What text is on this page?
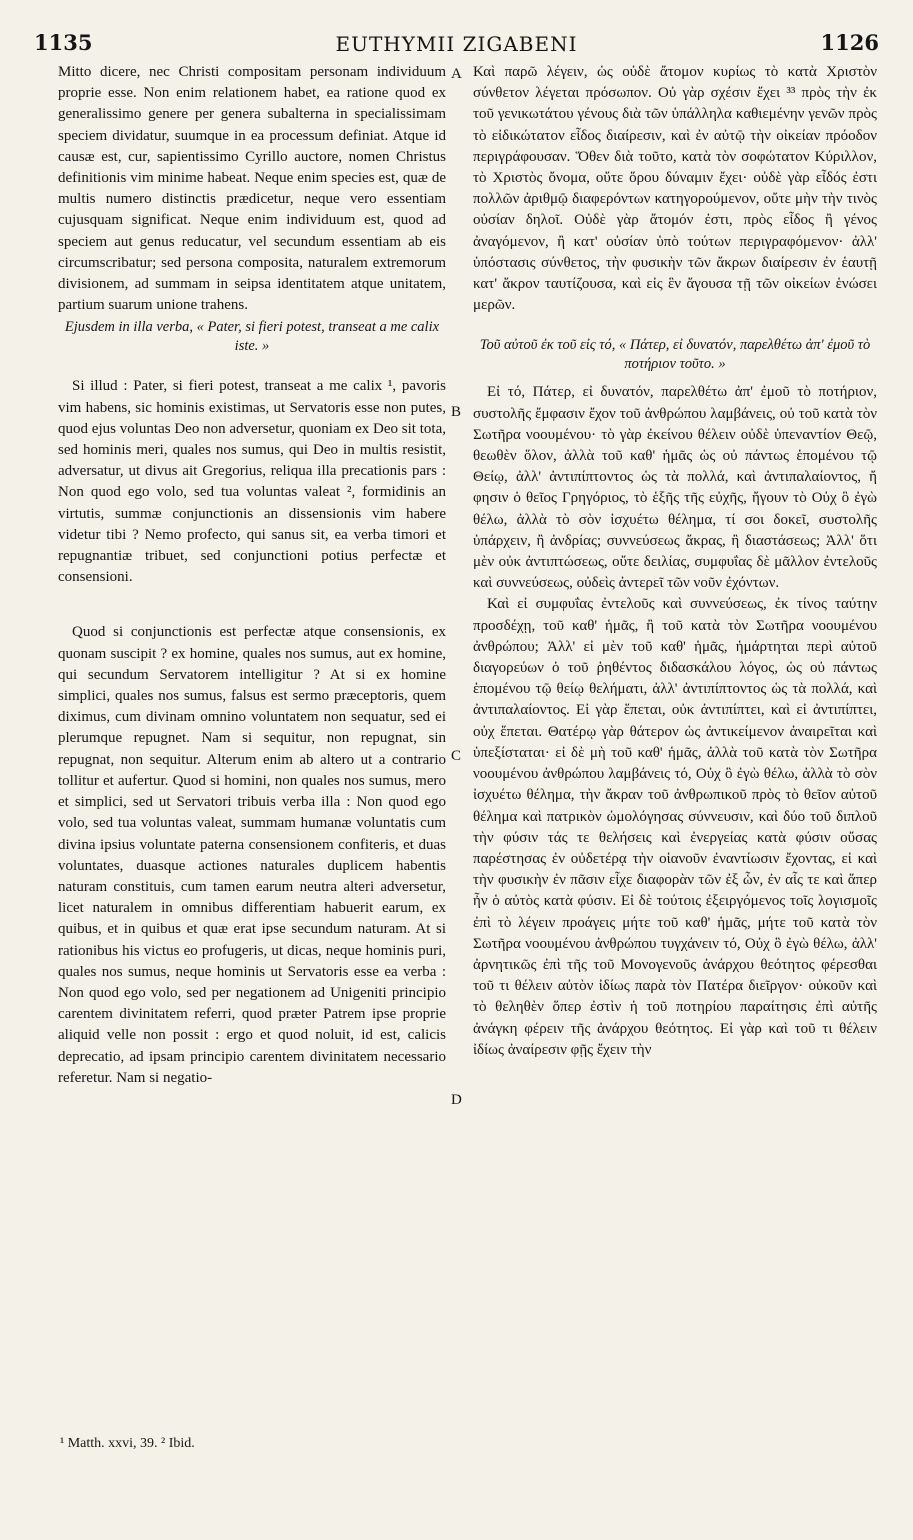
1135	EUTHYMII ZIGABENI	1126

Mitto dicere, nec Christi compositam personam individuum proprie esse. Non enim relationem habet, ea ratione quod ex generalissimo genere per genera subalterna in specialissimam speciem dividatur, suumque in ea processum definiat. Atque id causæ est, cur, sapientissimo Cyrillo auctore, nomen Christus definitionis vim minime habeat. Neque enim species est, quæ de multis numero distinctis prædicetur, neque vero essentiam cujusquam significat. Neque enim individuum est, quod ad speciem aut genus reducatur, vel secundum essentiam ab eis circumscribatur; sed persona composita, naturalem extremorum divisionem, ad summam in seipsa identitatem atque unitatem, partium suarum unione trahens.

Ejusdem in illa verba, « Pater, si fieri potest, transeat a me calix iste. »

Si illud : Pater, si fieri potest, transeat a me calix ¹, pavoris vim habens, sic hominis existimas, ut Servatoris esse non putes, quod ejus voluntas Deo non adversetur, quoniam ex Deo sit tota, sed hominis meri, quales nos sumus, qui Deo in multis resistit, adversatur, ut divus ait Gregorius, reliqua illa precationis pars : Non quod ego volo, sed tua voluntas valeat ², formidinis an virtutis, summæ conjunctionis an dissensionis vim habere videtur tibi ? Nemo profecto, qui sanus sit, ea verba timori et repugnantiæ tribuet, sed conjunctioni potius perfectæ et consensioni.

Quod si conjunctionis est perfectæ atque consensionis, ex quonam suscipit ? ex homine, quales nos sumus, aut ex homine, qui secundum Servatorem intelligitur ? At si ex homine simplici, quales nos sumus, falsus est sermo præceptoris, quem diximus, cum divinam omnino voluntatem non sequatur, sed ei plerumque repugnet. Nam si sequitur, non repugnat, sin repugnat, non sequitur. Alterum enim ab altero ut a contrario tollitur et aufertur. Quod si homini, non quales nos sumus, mero et simplici, sed ut Servatori tribuis verba illa : Non quod ego volo, sed tua voluntas valeat, summam humanæ voluntatis cum divina ipsius voluntate paterna consensionem confiteris, et duas voluntates, duasque actiones naturales duplicem habentis naturam constituis, cum tamen earum neutra alteri adversetur, licet naturalem in omnibus differentiam habuerit earum, ex quibus, et in quibus et quæ erat ipse secundum naturam. At si rationibus his victus eo profugeris, ut dicas, neque hominis puri, quales nos sumus, neque hominis ut Servatoris esse ea verba : Non quod ego volo, sed per negationem ad Unigeniti principio carentem divinitatem referri, quod præter Patrem ipse proprie aliquid velle non possit : ergo et quod noluit, id est, calicis deprecatio, ad ipsam principio carentem divinitatem necessario referetur. Nam si negatio-

Καὶ παρῶ λέγειν, ὡς οὐδὲ ἄτομον κυρίως τὸ κατὰ Χριστὸν σύνθετον λέγεται πρόσωπον. Οὐ γὰρ σχέσιν ἔχει ³³ πρὸς τὴν ἐκ τοῦ γενικωτάτου γένους διὰ τῶν ὑπάλληλα καθιεμένην γενῶν πρὸς τὸ εἰδικώτατον εἶδος διαίρεσιν, καὶ ἐν αὐτῷ τὴν οἰκείαν πρόοδον περιγράφουσαν. Ὅθεν διὰ τοῦτο, κατὰ τὸν σοφώτατον Κύριλλον, τὸ Χριστὸς ὄνομα, οὔτε ὅρου δύναμιν ἔχει· οὐδὲ γὰρ εἶδός ἐστι πολλῶν ἀριθμῷ διαφερόντων κατηγορούμενον, οὔτε μὴν τὴν τινὸς οὐσίαν δηλοῖ. Οὐδὲ γὰρ ἄτομόν ἐστι, πρὸς εἶδος ἢ γένος ἀναγόμενον, ἢ κατ' οὐσίαν ὑπὸ τούτων περιγραφόμενον· ἀλλ' ὑπόστασις σύνθετος, τὴν φυσικὴν τῶν ἄκρων διαίρεσιν ἐν ἑαυτῇ κατ' ἄκρον ταυτίζουσα, καὶ εἰς ἓν ἄγουσα τῇ τῶν οἰκείων ἑνώσει μερῶν.

Τοῦ αὐτοῦ ἐκ τοῦ εἰς τό, « Πάτερ, εἰ δυνατόν, παρελθέτω ἀπ' ἐμοῦ τὸ ποτήριον τοῦτο. »

Εἰ τό, Πάτερ, εἰ δυνατόν, παρελθέτω ἀπ' ἐμοῦ τὸ ποτήριον, συστολῆς ἔμφασιν ἔχον τοῦ ἀνθρώπου λαμβάνεις, οὐ τοῦ κατὰ τὸν Σωτῆρα νοουμένου· τὸ γὰρ ἐκείνου θέλειν οὐδὲ ὑπεναντίον Θεῷ, θεωθὲν ὅλον, ἀλλὰ τοῦ καθ' ἡμᾶς ὡς οὐ πάντως ἑπομένου τῷ Θείῳ, ἀλλ' ἀντιπίπτοντος ὡς τὰ πολλά, καὶ ἀντιπαλαίοντος, ἤ φησιν ὁ θεῖος Γρηγόριος, τὸ ἑξῆς τῆς εὐχῆς, ἤγουν τὸ Οὐχ ὃ ἐγὼ θέλω, ἀλλὰ τὸ σὸν ἰσχυέτω θέλημα, τί σοι δοκεῖ, συστολῆς ὑπάρχειν, ἢ ἀνδρίας; συννεύσεως ἄκρας, ἢ διαστάσεως; Ἀλλ' ὅτι μὲν οὐκ ἀντιπτώσεως, οὔτε δειλίας, συμφυΐας δὲ μᾶλλον ἐντελοῦς καὶ συννεύσεως, οὐδεὶς ἀντερεῖ τῶν νοῦν ἐχόντων.

Καὶ εἰ συμφυΐας ἐντελοῦς καὶ συννεύσεως, ἐκ τίνος ταύτην προσδέχῃ, τοῦ καθ' ἡμᾶς, ἢ τοῦ κατὰ τὸν Σωτῆρα νοουμένου ἀνθρώπου; Ἀλλ' εἰ μὲν τοῦ καθ' ἡμᾶς, ἡμάρτηται περὶ αὐτοῦ διαγορεύων ὁ τοῦ ῥηθέντος διδασκάλου λόγος, ὡς οὐ πάντως ἑπομένου τῷ θείῳ θελήματι, ἀλλ' ἀντιπίπτοντος ὡς τὰ πολλά, καὶ ἀντιπαλαίοντος. Εἰ γὰρ ἕπεται, οὐκ ἀντιπίπτει, καὶ εἰ ἀντιπίπτει, οὐχ ἕπεται. Θατέρῳ γὰρ θάτερον ὡς ἀντικείμενον ἀναιρεῖται καὶ ὑπεξίσταται· εἰ δὲ μὴ τοῦ καθ' ἡμᾶς, ἀλλὰ τοῦ κατὰ τὸν Σωτῆρα νοουμένου ἀνθρώπου λαμβάνεις τό, Οὐχ ὃ ἐγὼ θέλω, ἀλλὰ τὸ σὸν ἰσχυέτω θέλημα, τὴν ἄκραν τοῦ ἀνθρωπικοῦ πρὸς τὸ θεῖον αὐτοῦ θέλημα καὶ πατρικὸν ὡμολόγησας σύννευσιν, καὶ δύο τοῦ διπλοῦ τὴν φύσιν τάς τε θελήσεις καὶ ἐνεργείας κατὰ φύσιν οὔσας παρέστησας ἐν οὐδετέρᾳ τὴν οἱανοῦν ἐναντίωσιν ἔχοντας, εἰ καὶ τὴν φυσικὴν ἐν πᾶσιν εἶχε διαφορὰν τῶν ἐξ ὧν, ἐν αἷς τε καὶ ἅπερ ἦν ὁ αὐτὸς κατὰ φύσιν. Εἰ δὲ τούτοις ἐξειργόμενος τοῖς λογισμοῖς ἐπὶ τὸ λέγειν προάγεις μήτε τοῦ καθ' ἡμᾶς, μήτε τοῦ κατὰ τὸν Σωτῆρα νοουμένου ἀνθρώπου τυγχάνειν τό, Οὐχ ὃ ἐγὼ θέλω, ἀλλ' ἀρνητικῶς ἐπὶ τῆς τοῦ Μονογενοῦς ἀνάρχου θεότητος φέρεσθαι τοῦ τι θέλειν αὐτὸν ἰδίως παρὰ τὸν Πατέρα διεῖργον· οὐκοῦν καὶ τὸ θεληθὲν ὅπερ ἐστὶν ἡ τοῦ ποτηρίου παραίτησις ἐπὶ αὐτῆς ἀνάγκη φέρειν τῆς ἀνάρχου θεότητος. Εἰ γὰρ καὶ τοῦ τι θέλειν ἰδίως ἀναίρεσιν φῇς ἔχειν τὴν

A
B
C
D
¹ Matth. xxvi, 39. ² Ibid.
